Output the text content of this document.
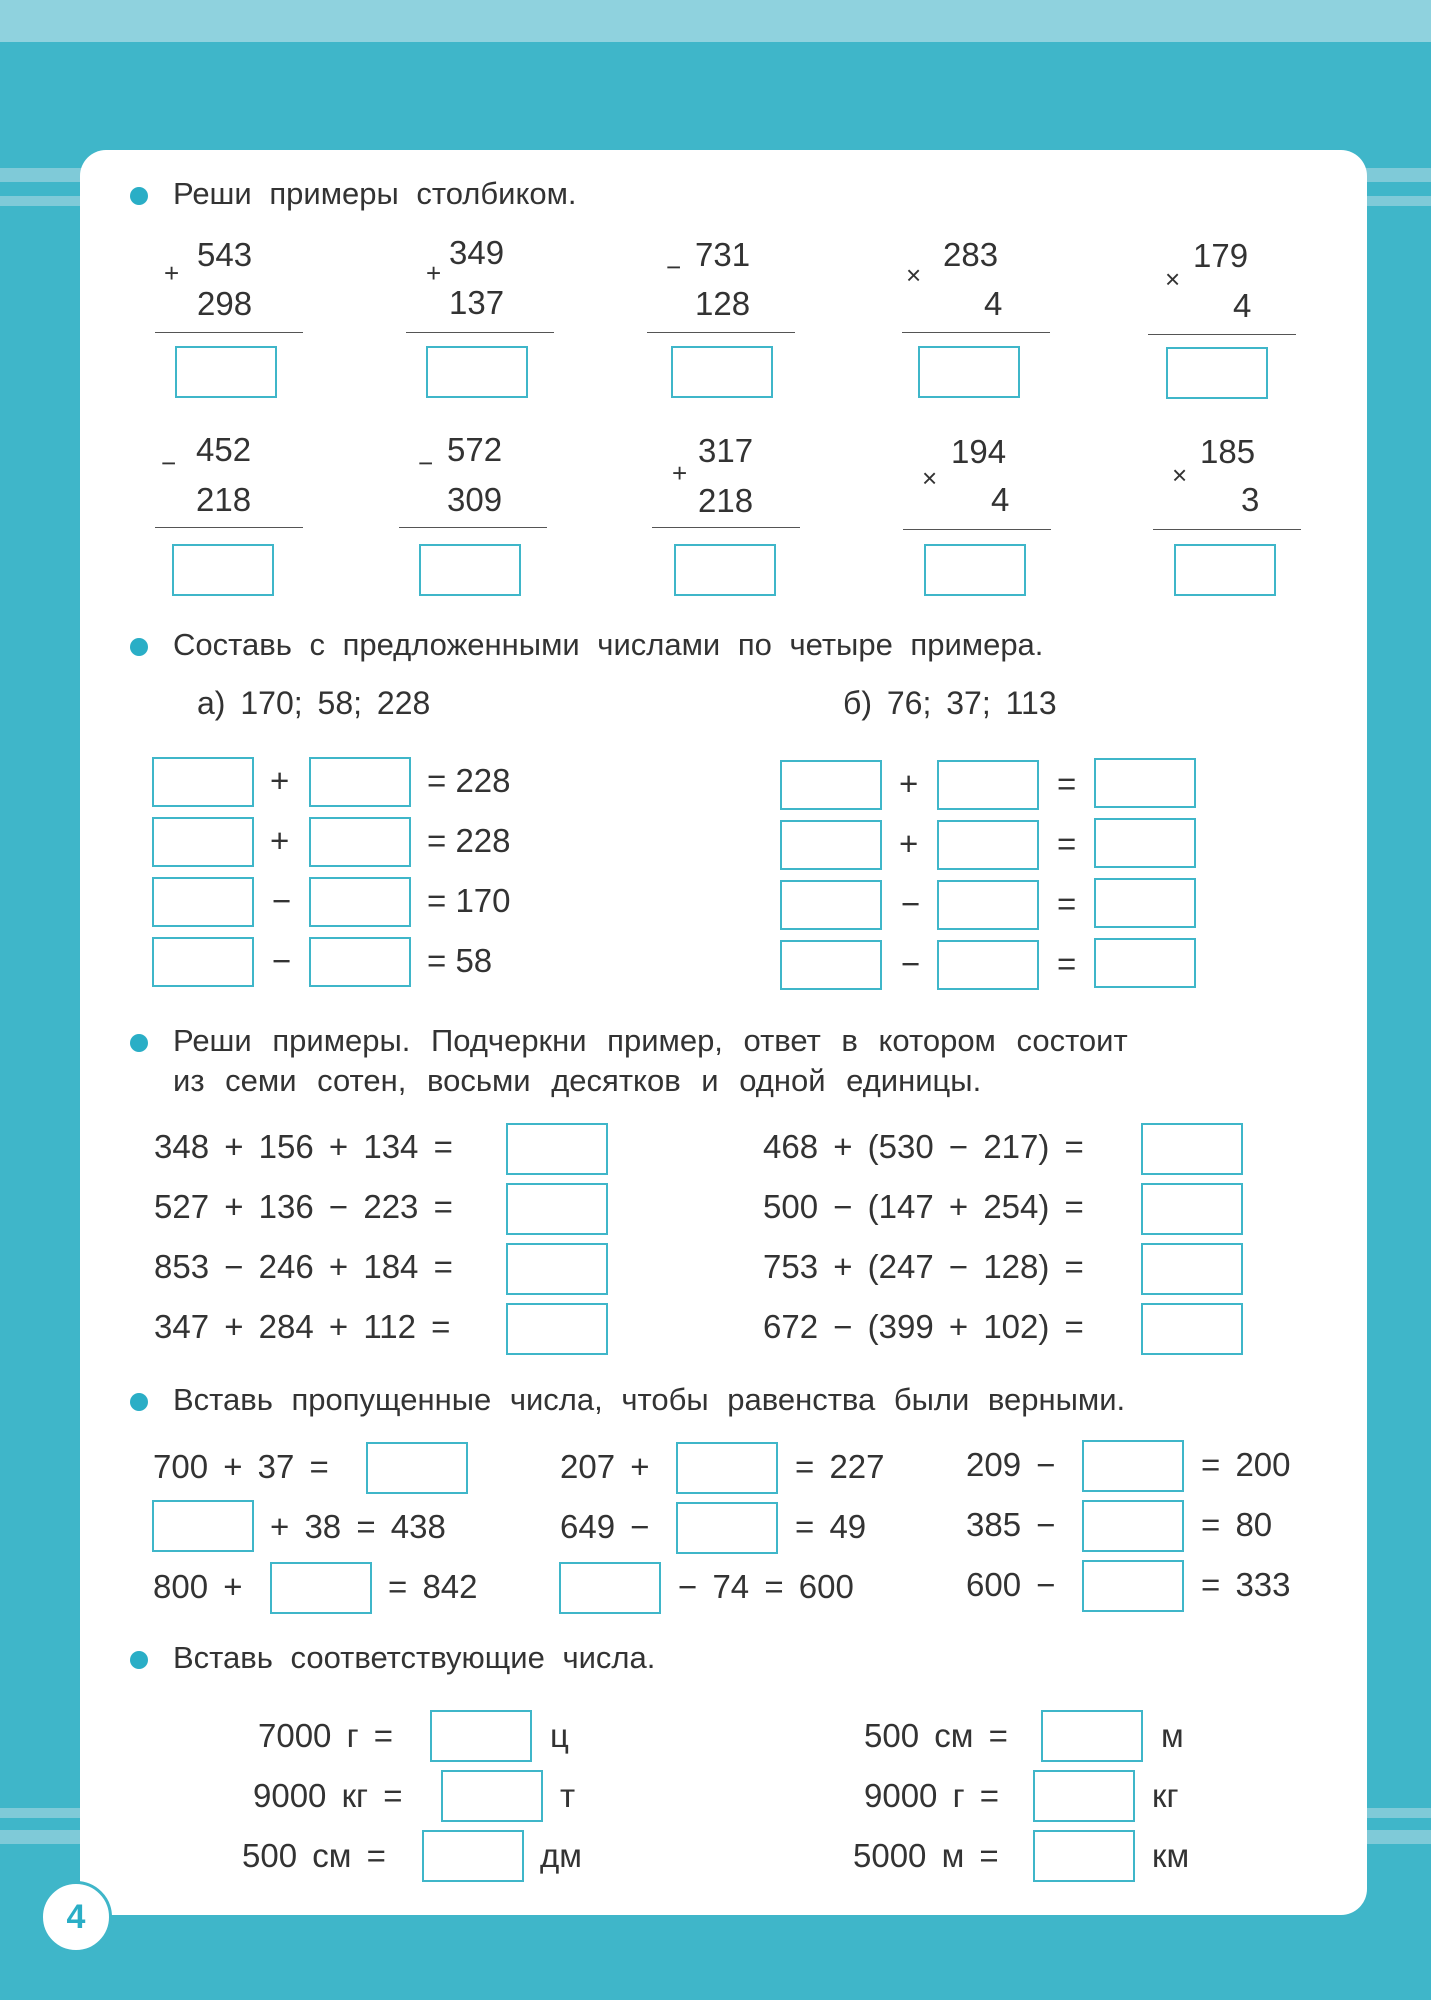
Реши примеры столбиком.
+ 543
298
+
349
137
− 731
128
×
283
4
×
179
4
− 452
218
− 572
309
+
317
218
×
194
4
×
185
3
Составь с предложенными числами по четыре примера.
а) 170; 58; 228	б) 76; 37; 113
+	= 228
+	= 228
−	= 170
−	= 58
+	=
+	=
−	=
−	=
Реши примеры. Подчеркни пример, ответ в котором состоит
из семи сотен, восьми десятков и одной единицы.
348 + 156 + 134 =
527 + 136 − 223 =
853 − 246 + 184 =
347 + 284 + 112 =
468 + (530 − 217) =
500 − (147 + 254) =
753 + (247 − 128) =
672 − (399 + 102) =
Вставь пропущенные числа, чтобы равенства были верными.
700 + 37 =
+ 38 = 438
800 +	= 842
207 +	= 227
649 −	= 49
− 74 = 600
209 −	= 200
385 −	= 80
600 −	= 333
Вставь соответствующие числа.
7000 г =	ц
9000 кг =	т
500 см =	дм
500 см =	м
9000 г =	кг
5000 м =	км
4
